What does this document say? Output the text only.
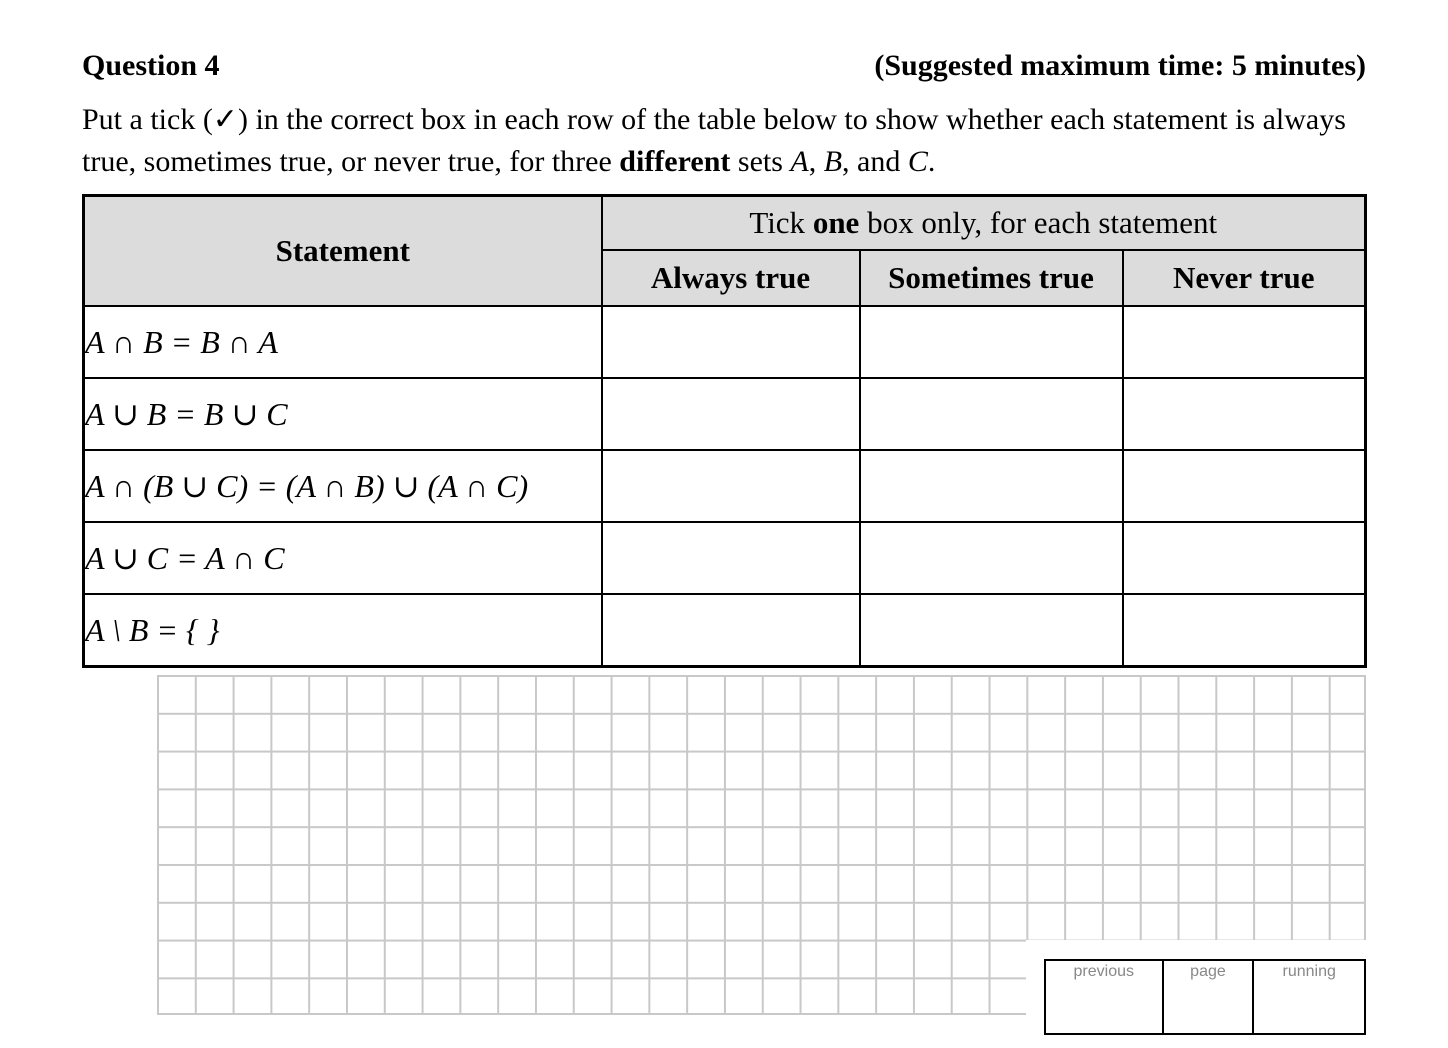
Question 4	(Suggested maximum time: 5 minutes)
Put a tick (✓) in the correct box in each row of the table below to show whether each statement is always true, sometimes true, or never true, for three different sets A, B, and C.
Statement	Tick one box only, for each statement		
	Always true	Sometimes true	Never true
A ∩ B = B ∩ A			
A ∪ B = B ∪ C			
A ∩ (B ∪ C) = (A ∩ B) ∪ (A ∩ C)			
A ∪ C = A ∩ C			
A \ B = { }			
previous	page	running
